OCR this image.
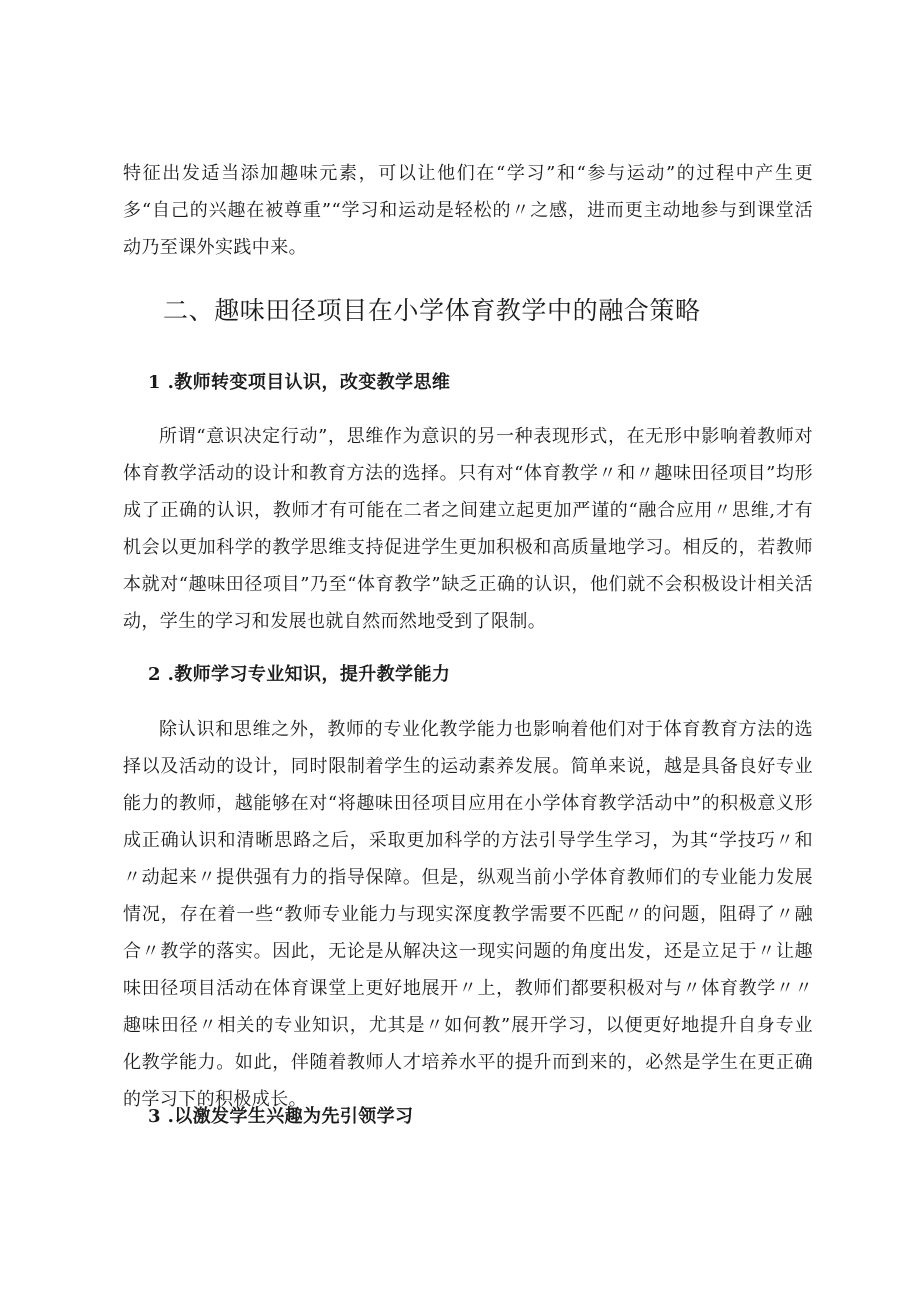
特征出发适当添加趣味元素，可以让他们在“学习”和“参与运动”的过程中产生更多“自己的兴趣在被尊重”“学习和运动是轻松的〃之感，进而更主动地参与到课堂活动乃至课外实践中来。

二、趣味田径项目在小学体育教学中的融合策略
1 .教师转变项目认识，改变教学思维

所谓“意识决定行动”，思维作为意识的另一种表现形式，在无形中影响着教师对体育教学活动的设计和教育方法的选择。只有对“体育教学〃和〃趣味田径项目”均形成了正确的认识，教师才有可能在二者之间建立起更加严谨的“融合应用〃思维,才有机会以更加科学的教学思维支持促进学生更加积极和高质量地学习。相反的，若教师本就对“趣味田径项目”乃至“体育教学”缺乏正确的认识，他们就不会积极设计相关活动，学生的学习和发展也就自然而然地受到了限制。

2 .教师学习专业知识，提升教学能力

除认识和思维之外，教师的专业化教学能力也影响着他们对于体育教育方法的选择以及活动的设计，同时限制着学生的运动素养发展。简单来说，越是具备良好专业能力的教师，越能够在对“将趣味田径项目应用在小学体育教学活动中”的积极意义形成正确认识和清晰思路之后，采取更加科学的方法引导学生学习，为其“学技巧〃和〃动起来〃提供强有力的指导保障。但是，纵观当前小学体育教师们的专业能力发展情况，存在着一些“教师专业能力与现实深度教学需要不匹配〃的问题，阻碍了〃融合〃教学的落实。因此，无论是从解决这一现实问题的角度出发，还是立足于〃让趣味田径项目活动在体育课堂上更好地展开〃上，教师们都要积极对与〃体育教学〃〃趣味田径〃相关的专业知识，尤其是〃如何教”展开学习，以便更好地提升自身专业化教学能力。如此，伴随着教师人才培养水平的提升而到来的，必然是学生在更正确的学习下的积极成长。

3 .以激发学生兴趣为先引领学习
